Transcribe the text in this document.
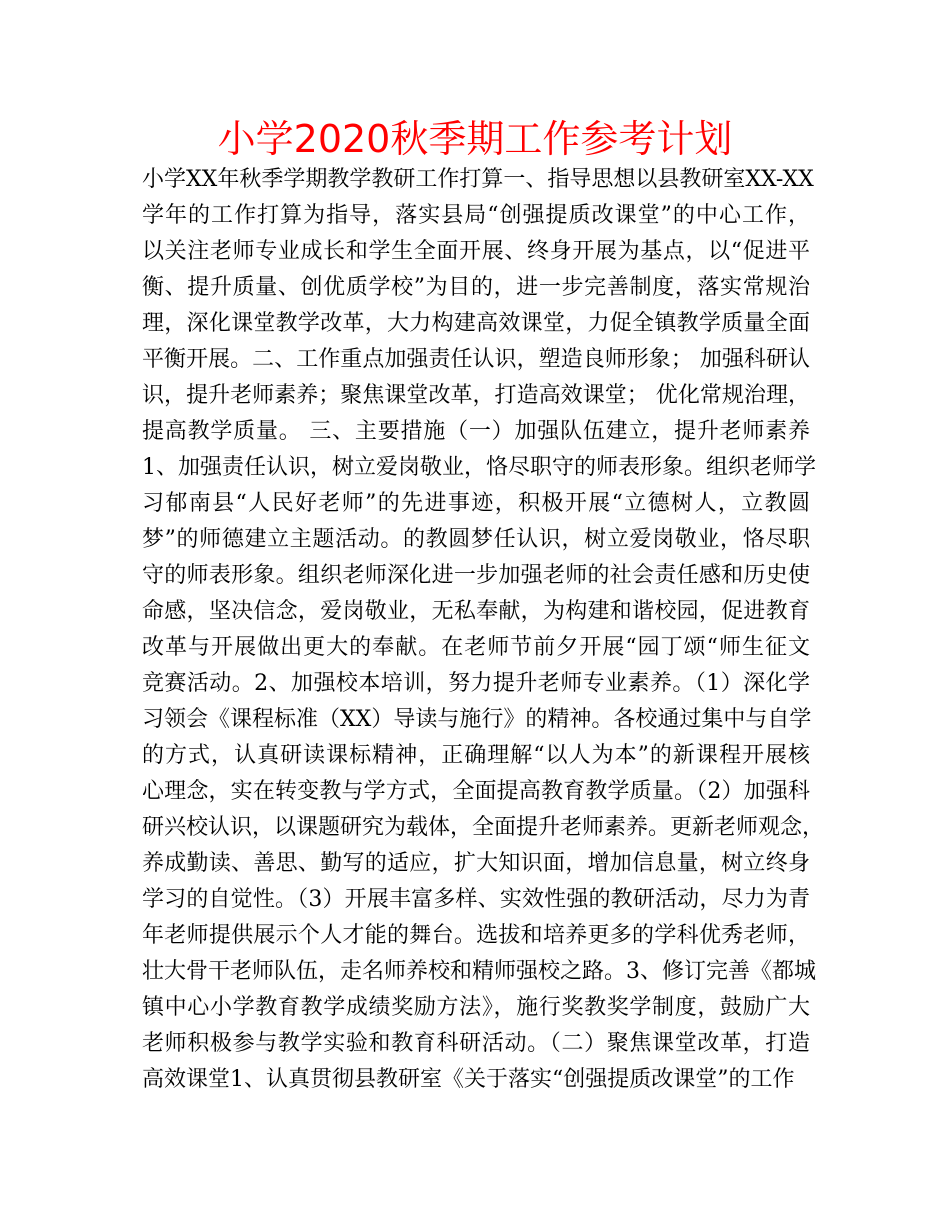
小学2020秋季期工作参考计划
小学XX年秋季学期教学教研工作打算一、指导思想以县教研室XX-XX
学年的工作打算为指导，落实县局“创强提质改课堂”的中心工作，
以关注老师专业成长和学生全面开展、终身开展为基点，以“促进平
衡、提升质量、创优质学校”为目的，进一步完善制度，落实常规治
理，深化课堂教学改革，大力构建高效课堂，力促全镇教学质量全面
平衡开展。二、工作重点加强责任认识，塑造良师形象； 加强科研认
识，提升老师素养；聚焦课堂改革，打造高效课堂； 优化常规治理，
提高教学质量。 三、主要措施（一）加强队伍建立，提升老师素养
1、加强责任认识，树立爱岗敬业，恪尽职守的师表形象。组织老师学
习郁南县“人民好老师”的先进事迹，积极开展“立德树人，立教圆
梦”的师德建立主题活动。的教圆梦任认识，树立爱岗敬业，恪尽职
守的师表形象。组织老师深化进一步加强老师的社会责任感和历史使
命感，坚决信念，爱岗敬业，无私奉献，为构建和谐校园，促进教育
改革与开展做出更大的奉献。在老师节前夕开展“园丁颂“师生征文
竞赛活动。2、加强校本培训，努力提升老师专业素养。（1）深化学
习领会《课程标准（XX）导读与施行》的精神。各校通过集中与自学
的方式，认真研读课标精神，正确理解“以人为本”的新课程开展核
心理念，实在转变教与学方式，全面提高教育教学质量。（2）加强科
研兴校认识，以课题研究为载体，全面提升老师素养。更新老师观念，
养成勤读、善思、勤写的适应，扩大知识面，增加信息量，树立终身
学习的自觉性。（3）开展丰富多样、实效性强的教研活动，尽力为青
年老师提供展示个人才能的舞台。选拔和培养更多的学科优秀老师，
壮大骨干老师队伍，走名师养校和精师强校之路。3、修订完善《都城
镇中心小学教育教学成绩奖励方法》，施行奖教奖学制度，鼓励广大
老师积极参与教学实验和教育科研活动。（二）聚焦课堂改革，打造
高效课堂1、认真贯彻县教研室《关于落实“创强提质改课堂”的工作
